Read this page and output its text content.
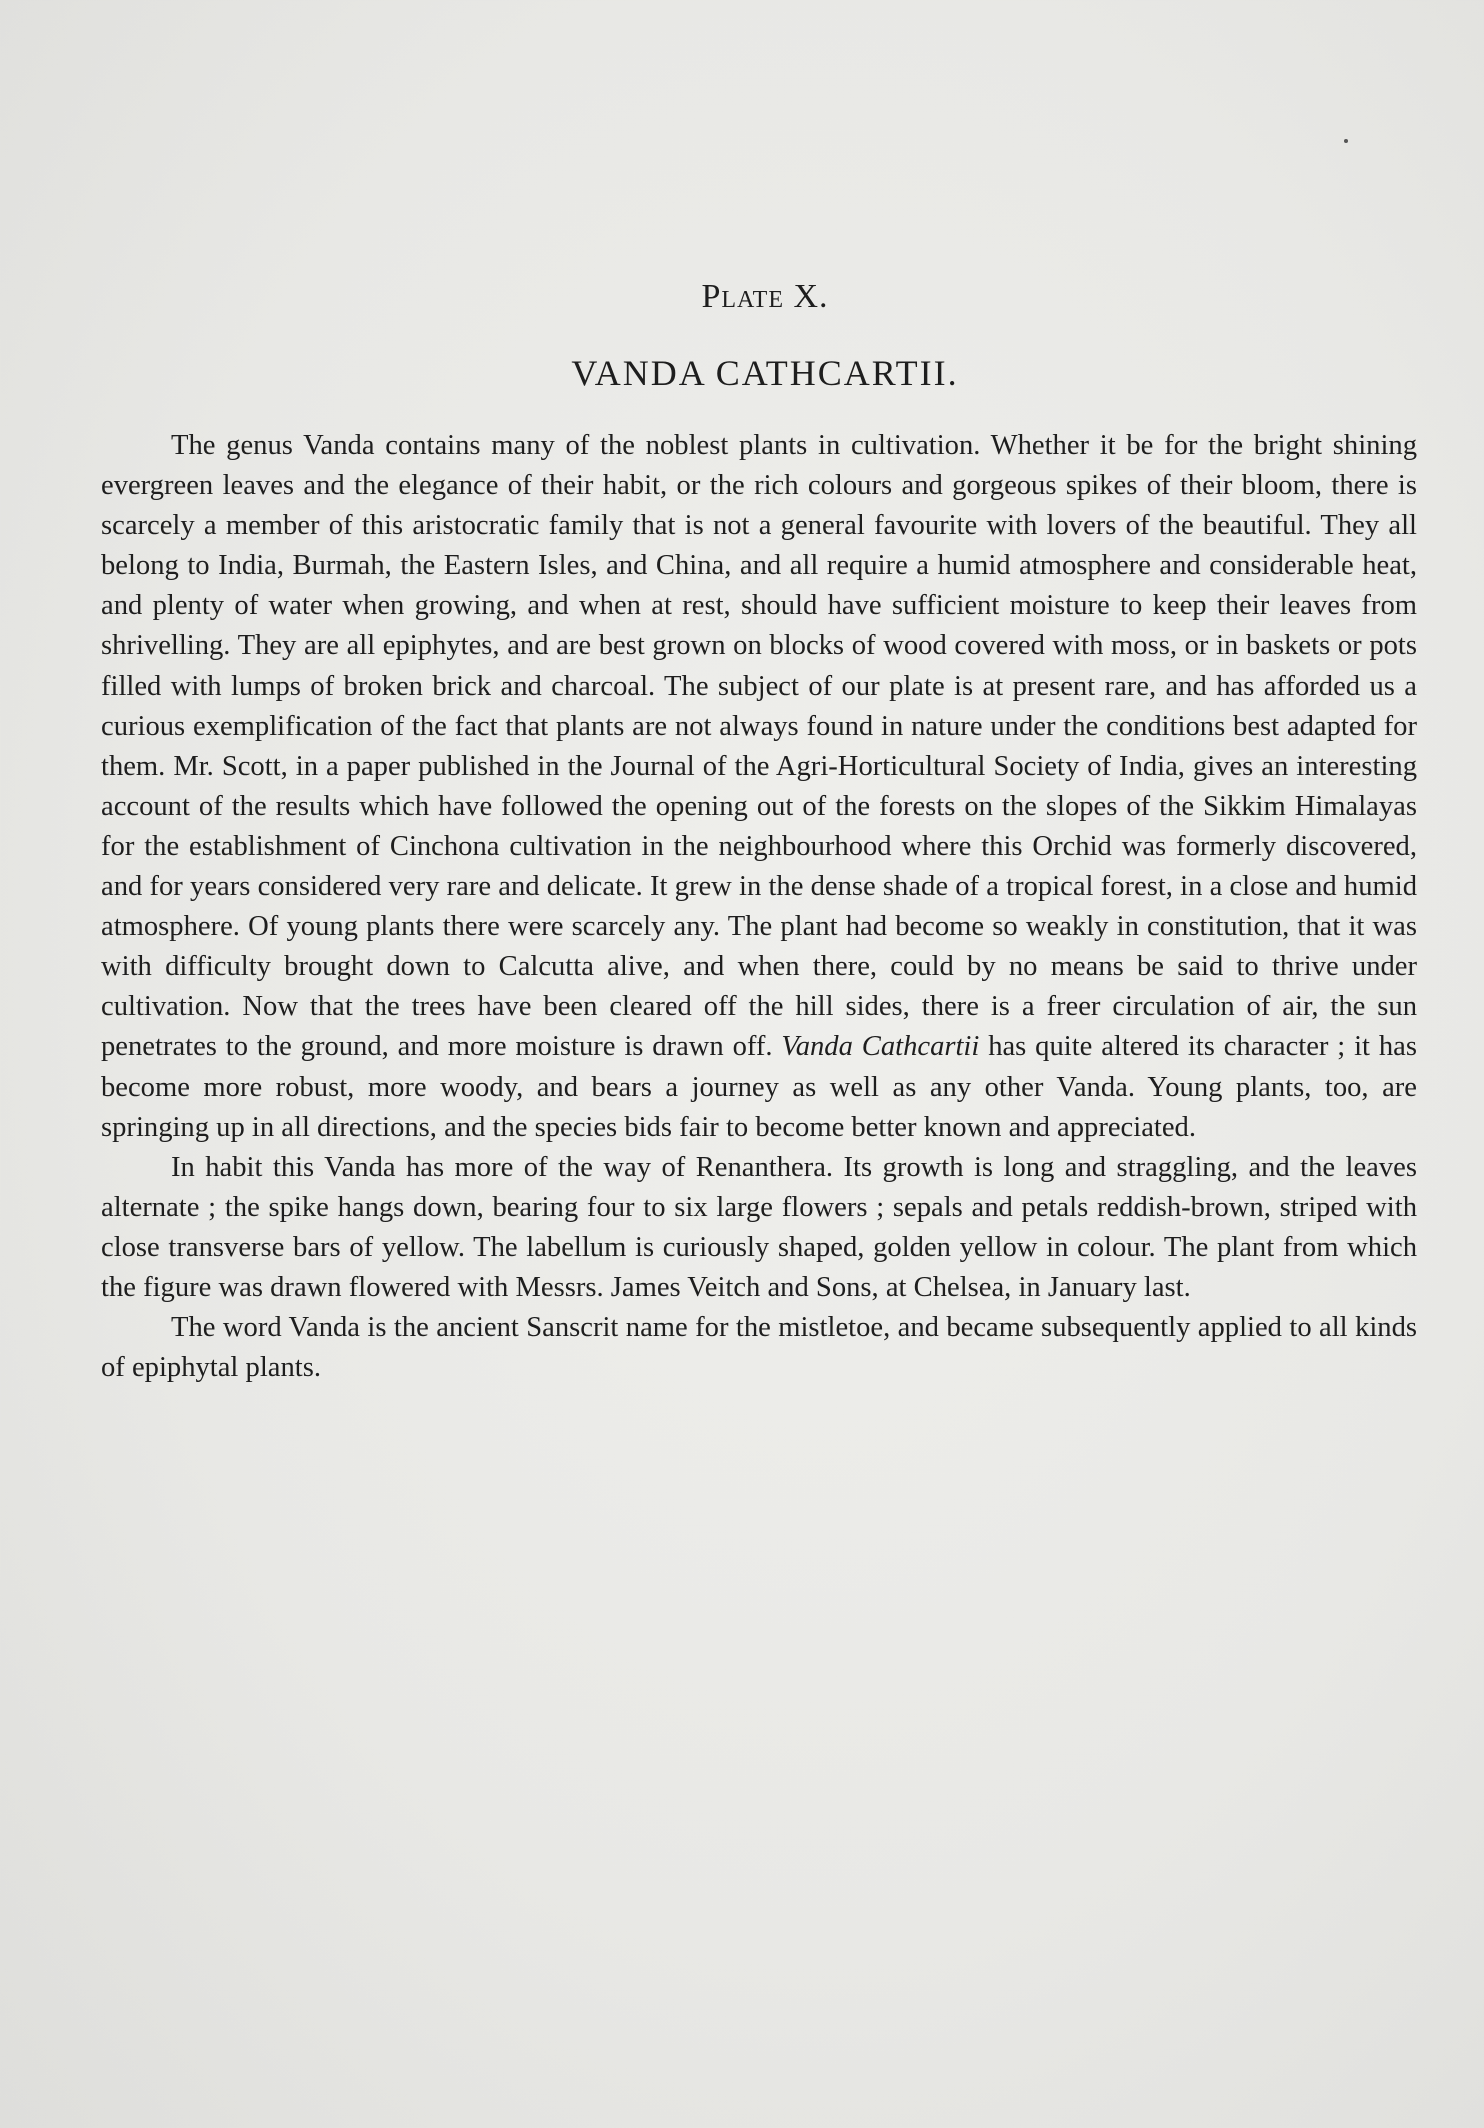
Plate X.
VANDA CATHCARTII.

The genus Vanda contains many of the noblest plants in cultivation. Whether it be for the bright shining evergreen leaves and the elegance of their habit, or the rich colours and gorgeous spikes of their bloom, there is scarcely a member of this aristocratic family that is not a general favourite with lovers of the beautiful. They all belong to India, Burmah, the Eastern Isles, and China, and all require a humid atmosphere and considerable heat, and plenty of water when growing, and when at rest, should have sufficient moisture to keep their leaves from shrivelling. They are all epiphytes, and are best grown on blocks of wood covered with moss, or in baskets or pots filled with lumps of broken brick and charcoal. The subject of our plate is at present rare, and has afforded us a curious exemplification of the fact that plants are not always found in nature under the conditions best adapted for them. Mr. Scott, in a paper published in the Journal of the Agri-Horticultural Society of India, gives an interesting account of the results which have followed the opening out of the forests on the slopes of the Sikkim Himalayas for the establishment of Cinchona cultivation in the neighbourhood where this Orchid was formerly discovered, and for years considered very rare and delicate. It grew in the dense shade of a tropical forest, in a close and humid atmosphere. Of young plants there were scarcely any. The plant had become so weakly in constitution, that it was with difficulty brought down to Calcutta alive, and when there, could by no means be said to thrive under cultivation. Now that the trees have been cleared off the hill sides, there is a freer circulation of air, the sun penetrates to the ground, and more moisture is drawn off. Vanda Cathcartii has quite altered its character ; it has become more robust, more woody, and bears a journey as well as any other Vanda. Young plants, too, are springing up in all directions, and the species bids fair to become better known and appreciated.

In habit this Vanda has more of the way of Renanthera. Its growth is long and straggling, and the leaves alternate ; the spike hangs down, bearing four to six large flowers ; sepals and petals reddish-brown, striped with close transverse bars of yellow. The labellum is curiously shaped, golden yellow in colour. The plant from which the figure was drawn flowered with Messrs. James Veitch and Sons, at Chelsea, in January last.

The word Vanda is the ancient Sanscrit name for the mistletoe, and became subsequently applied to all kinds of epiphytal plants.
